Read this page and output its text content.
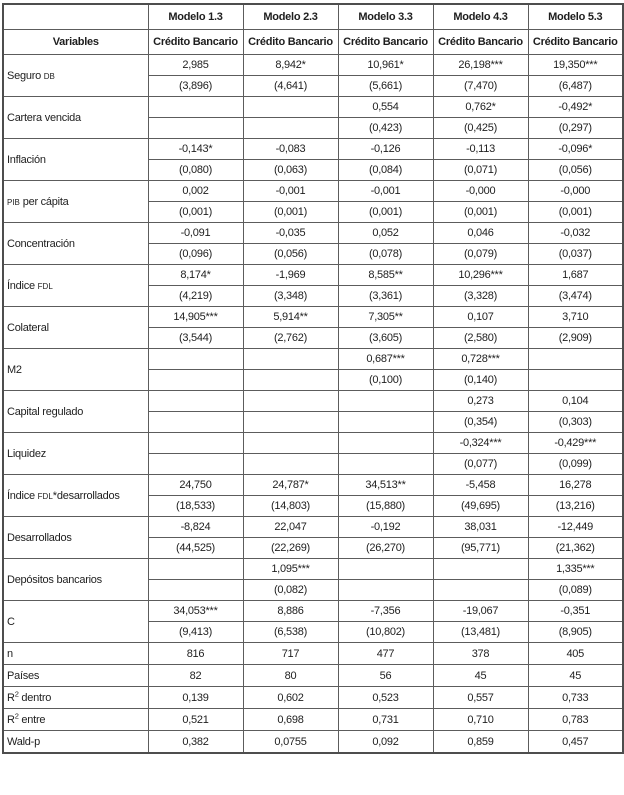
	Modelo 1.3	Modelo 2.3	Modelo 3.3	Modelo 4.3	Modelo 5.3
Variables	Crédito Bancario	Crédito Bancario	Crédito Bancario	Crédito Bancario	Crédito Bancario
Seguro DB	2,985	8,942*	10,961*	26,198***	19,350***
	(3,896)	(4,641)	(5,661)	(7,470)	(6,487)
Cartera vencida			0,554	0,762*	-0,492*
			(0,423)	(0,425)	(0,297)
Inflación	-0,143*	-0,083	-0,126	-0,113	-0,096*
	(0,080)	(0,063)	(0,084)	(0,071)	(0,056)
PIB per cápita	0,002	-0,001	-0,001	-0,000	-0,000
	(0,001)	(0,001)	(0,001)	(0,001)	(0,001)
Concentración	-0,091	-0,035	0,052	0,046	-0,032
	(0,096)	(0,056)	(0,078)	(0,079)	(0,037)
Índice FDL	8,174*	-1,969	8,585**	10,296***	1,687
	(4,219)	(3,348)	(3,361)	(3,328)	(3,474)
Colateral	14,905***	5,914**	7,305**	0,107	3,710
	(3,544)	(2,762)	(3,605)	(2,580)	(2,909)
M2			0,687***	0,728***	
			(0,100)	(0,140)	
Capital regulado				0,273	0,104
				(0,354)	(0,303)
Liquidez				-0,324***	-0,429***
				(0,077)	(0,099)
Índice FDL*desarrollados	24,750	24,787*	34,513**	-5,458	16,278
	(18,533)	(14,803)	(15,880)	(49,695)	(13,216)
Desarrollados	-8,824	22,047	-0,192	38,031	-12,449
	(44,525)	(22,269)	(26,270)	(95,771)	(21,362)
Depósitos bancarios		1,095***			1,335***
		(0,082)			(0,089)
C	34,053***	8,886	-7,356	-19,067	-0,351
	(9,413)	(6,538)	(10,802)	(13,481)	(8,905)
n	816	717	477	378	405
Países	82	80	56	45	45
$R^2$ dentro	0,139	0,602	0,523	0,557	0,733
$R^2$ entre	0,521	0,698	0,731	0,710	0,783
Wald-p	0,382	0,0755	0,092	0,859	0,457
